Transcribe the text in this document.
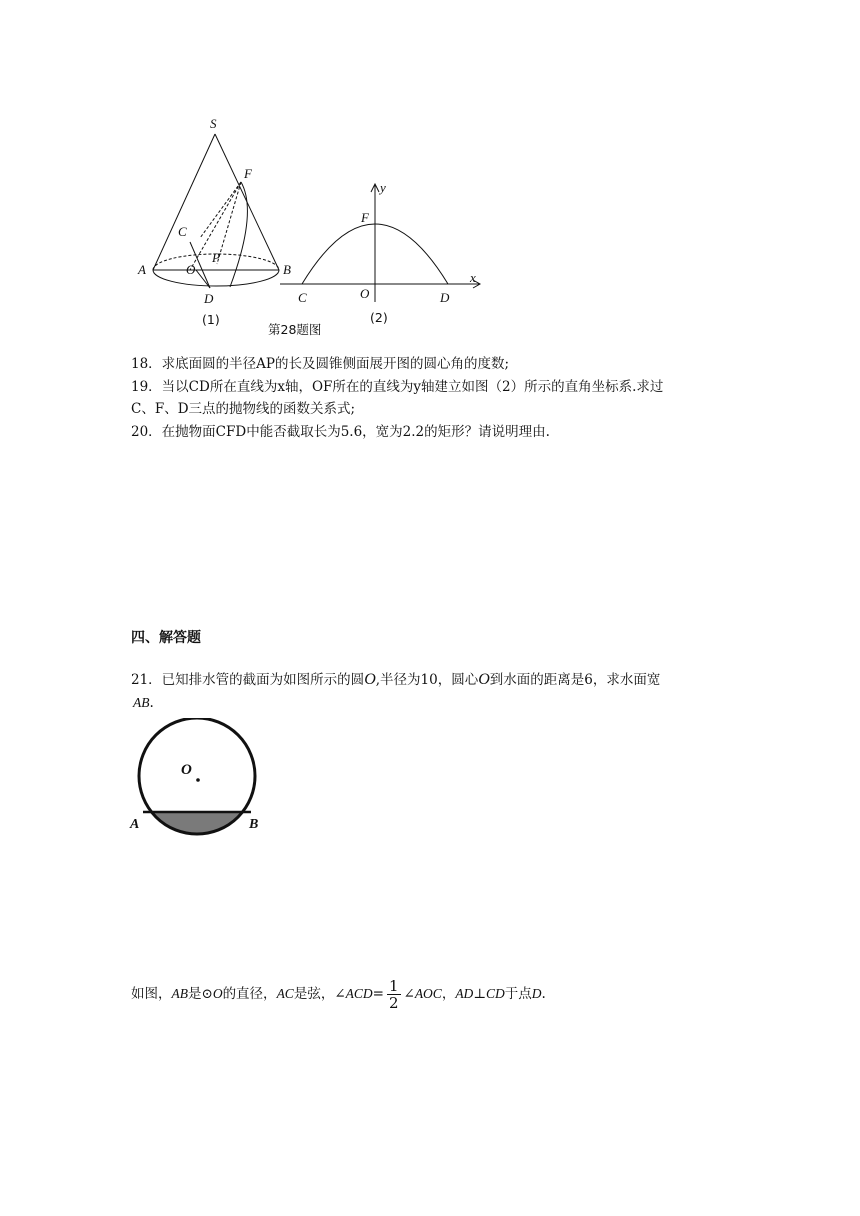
S
F
C
A	O
P
B
D
(1)
第28题图
y
x
F
C	O	D
(2)
18．求底面圆的半径AP的长及圆锥侧面展开图的圆心角的度数;
19．当以CD所在直线为x轴，OF所在的直线为y轴建立如图（2）所示的直角坐标系.求过
C、F、D三点的抛物线的函数关系式;
20．在抛物面CFD中能否截取长为5.6，宽为2.2的矩形？请说明理由.
四、解答题
21．已知排水管的截面为如图所示的圆O,半径为10，圆心O到水面的距离是6，求水面宽
AB.
O
A	B
如图，AB是⊙O的直径，AC是弦，∠ACD= $\frac{1}{2}$ ∠AOC，AD⊥CD于点D.
